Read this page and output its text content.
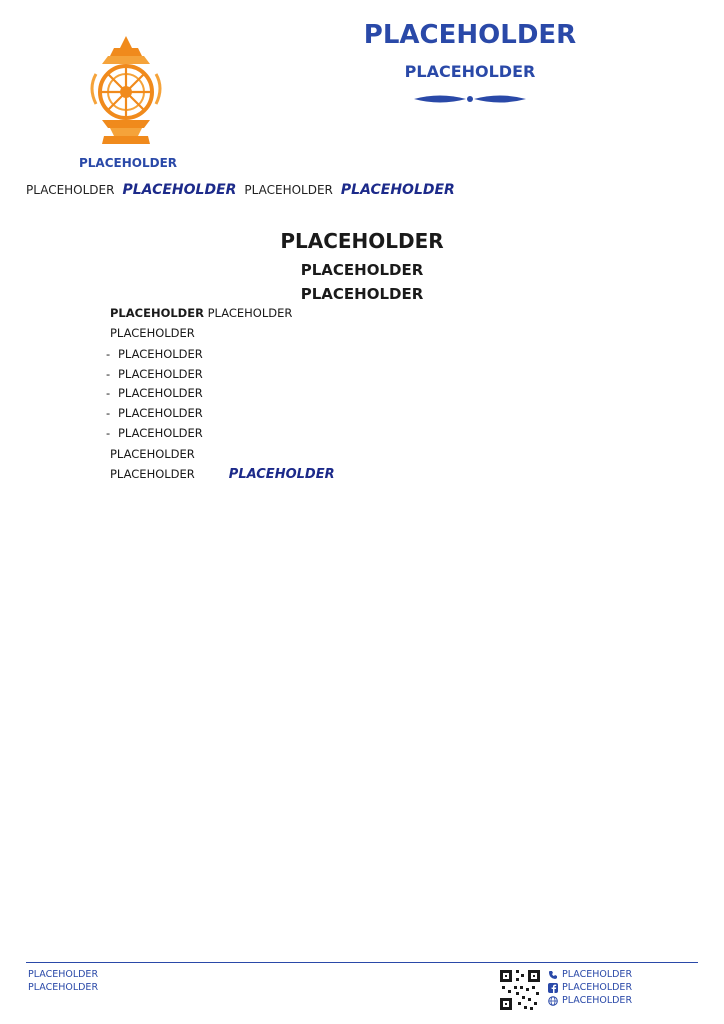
PLACEHOLDER
PLACEHOLDER PLACEHOLDER PLACEHOLDER PLACEHOLDER
PLACEHOLDER
PLACEHOLDER
PLACEHOLDER
PLACEHOLDER
PLACEHOLDER

PLACEHOLDER PLACEHOLDER

PLACEHOLDER

- PLACEHOLDER
- PLACEHOLDER
- PLACEHOLDER
- PLACEHOLDER
- PLACEHOLDER

PLACEHOLDER

PLACEHOLDER	PLACEHOLDER

PLACEHOLDER
PLACEHOLDER
PLACEHOLDER
PLACEHOLDER
PLACEHOLDER
